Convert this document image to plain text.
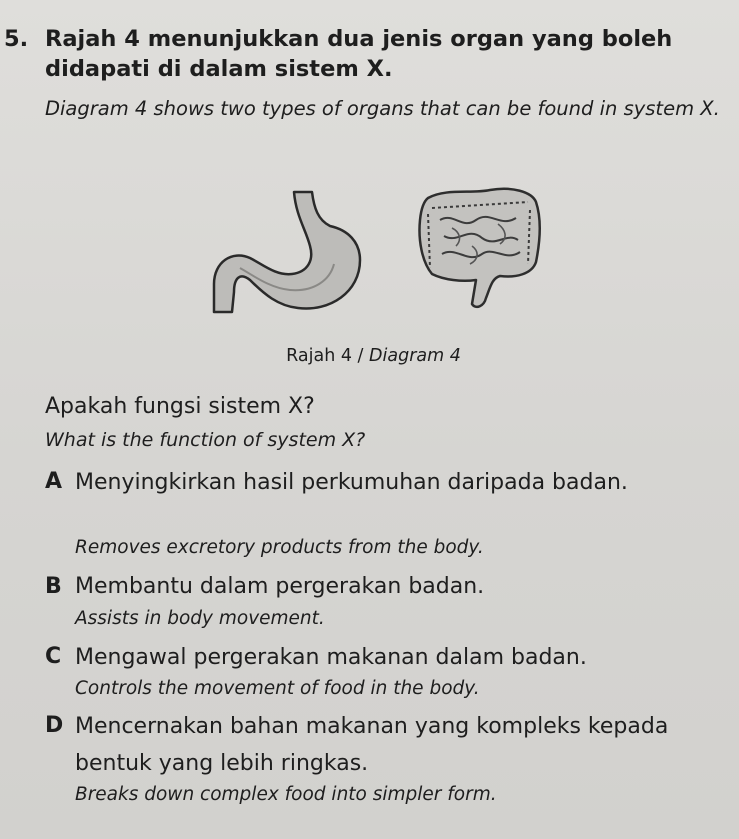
5. Rajah 4 menunjukkan dua jenis organ yang boleh didapati di dalam sistem X.
Diagram 4 shows two types of organs that can be found in system X.
Rajah 4 / Diagram 4
Apakah fungsi sistem X?
What is the function of system X?
A Menyingkirkan hasil perkumuhan daripada badan.
Removes excretory products from the body.
B Membantu dalam pergerakan badan.
Assists in body movement.
C Mengawal pergerakan makanan dalam badan.
Controls the movement of food in the body.
D Mencernakan bahan makanan yang kompleks kepada bentuk yang lebih ringkas.
Breaks down complex food into simpler form.
